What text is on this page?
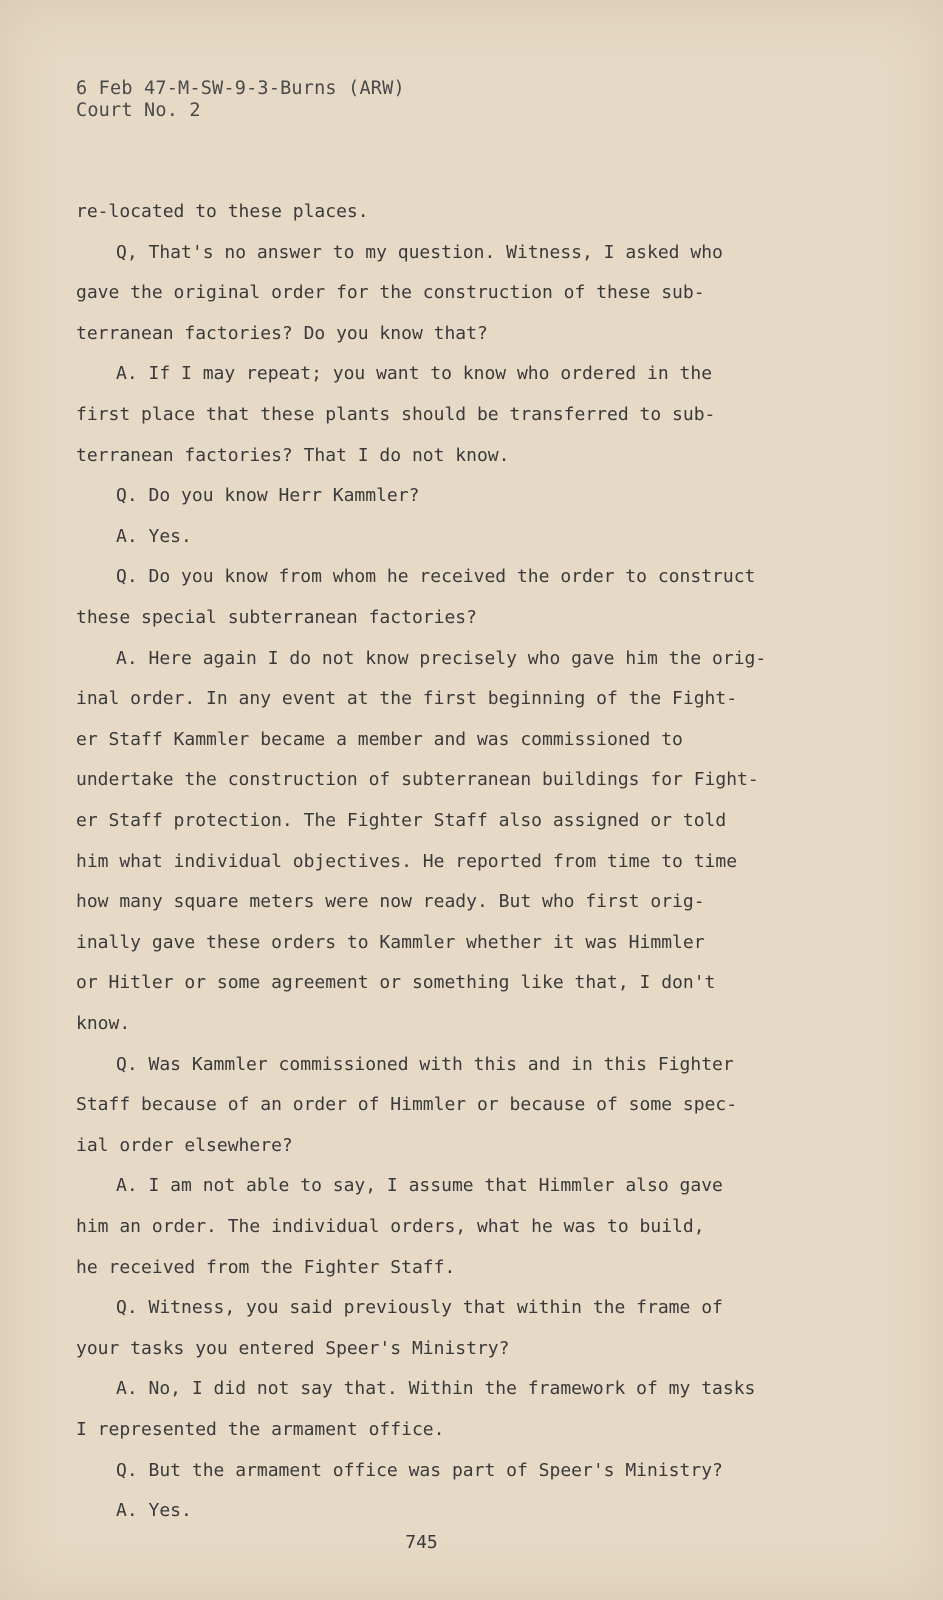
6 Feb 47-M-SW-9-3-Burns (ARW)
Court No. 2
re-located to these places.
Q, That's no answer to my question. Witness, I asked who
gave the original order for the construction of these sub-
terranean factories? Do you know that?
A. If I may repeat; you want to know who ordered in the
first place that these plants should be transferred to sub-
terranean factories? That I do not know.
Q. Do you know Herr Kammler?
A. Yes.
Q. Do you know from whom he received the order to construct
these special subterranean factories?
A. Here again I do not know precisely who gave him the orig-
inal order. In any event at the first beginning of the Fight-
er Staff Kammler became a member and was commissioned to
undertake the construction of subterranean buildings for Fight-
er Staff protection. The Fighter Staff also assigned or told
him what individual objectives. He reported from time to time
how many square meters were now ready. But who first orig-
inally gave these orders to Kammler whether it was Himmler
or Hitler or some agreement or something like that, I don't
know.
Q. Was Kammler commissioned with this and in this Fighter
Staff because of an order of Himmler or because of some spec-
ial order elsewhere?
A. I am not able to say, I assume that Himmler also gave
him an order. The individual orders, what he was to build,
he received from the Fighter Staff.
Q. Witness, you said previously that within the frame of
your tasks you entered Speer's Ministry?
A. No, I did not say that. Within the framework of my tasks
I represented the armament office.
Q. But the armament office was part of Speer's Ministry?
A. Yes.
745
